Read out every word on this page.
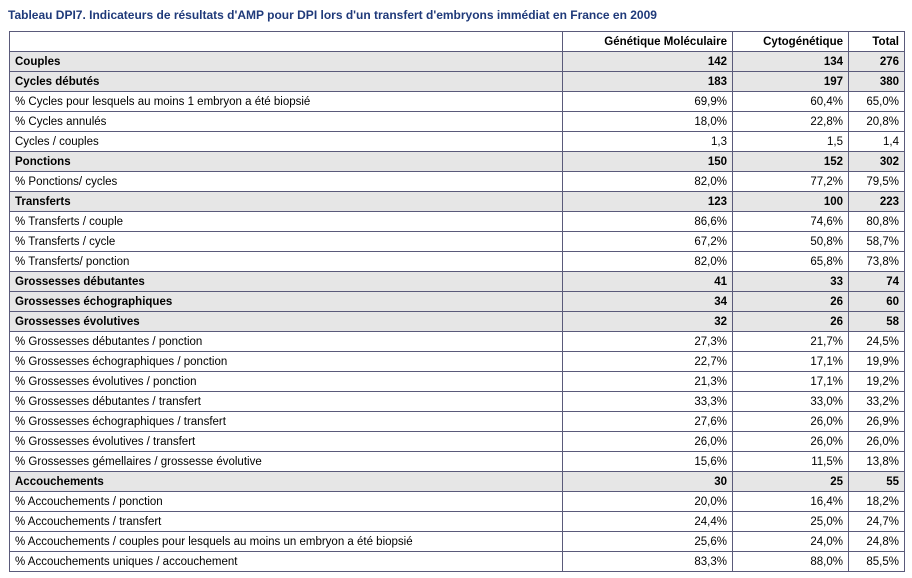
Tableau DPI7. Indicateurs de résultats d'AMP pour DPI lors d'un transfert d'embryons immédiat en France en 2009
	Génétique Moléculaire	Cytogénétique	Total
Couples	142	134	276
Cycles débutés	183	197	380
% Cycles pour lesquels au moins 1 embryon a été biopsié	69,9%	60,4%	65,0%
% Cycles annulés	18,0%	22,8%	20,8%
Cycles / couples	1,3	1,5	1,4
Ponctions	150	152	302
% Ponctions/ cycles	82,0%	77,2%	79,5%
Transferts	123	100	223
% Transferts / couple	86,6%	74,6%	80,8%
% Transferts / cycle	67,2%	50,8%	58,7%
% Transferts/ ponction	82,0%	65,8%	73,8%
Grossesses débutantes	41	33	74
Grossesses échographiques	34	26	60
Grossesses évolutives	32	26	58
% Grossesses débutantes / ponction	27,3%	21,7%	24,5%
% Grossesses échographiques / ponction	22,7%	17,1%	19,9%
% Grossesses évolutives / ponction	21,3%	17,1%	19,2%
% Grossesses débutantes / transfert	33,3%	33,0%	33,2%
% Grossesses échographiques / transfert	27,6%	26,0%	26,9%
% Grossesses évolutives / transfert	26,0%	26,0%	26,0%
% Grossesses gémellaires / grossesse évolutive	15,6%	11,5%	13,8%
Accouchements	30	25	55
% Accouchements / ponction	20,0%	16,4%	18,2%
% Accouchements / transfert	24,4%	25,0%	24,7%
% Accouchements / couples pour lesquels au moins un embryon a été biopsié	25,6%	24,0%	24,8%
% Accouchements uniques / accouchement	83,3%	88,0%	85,5%
